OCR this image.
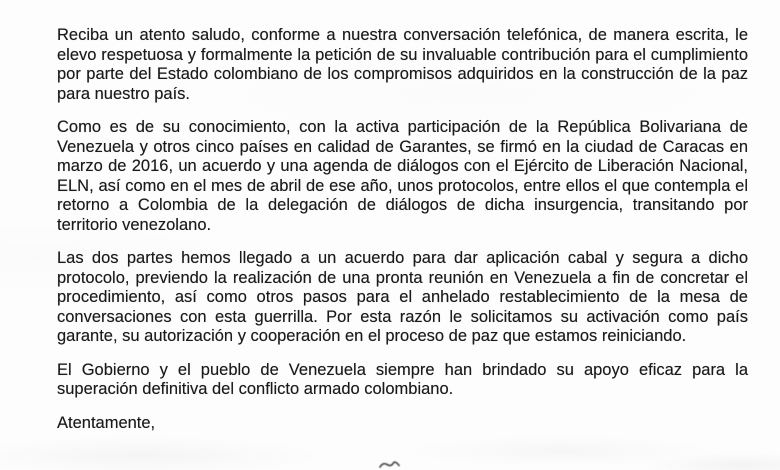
Reciba un atento saludo, conforme a nuestra conversación telefónica, de manera escrita, le elevo respetuosa y formalmente la petición de su invaluable contribución para el cumplimiento por parte del Estado colombiano de los compromisos adquiridos en la construcción de la paz para nuestro país.

Como es de su conocimiento, con la activa participación de la República Bolivariana de Venezuela y otros cinco países en calidad de Garantes, se firmó en la ciudad de Caracas en marzo de 2016, un acuerdo y una agenda de diálogos con el Ejército de Liberación Nacional, ELN, así como en el mes de abril de ese año, unos protocolos, entre ellos el que contempla el retorno a Colombia de la delegación de diálogos de dicha insurgencia, transitando por territorio venezolano.

Las dos partes hemos llegado a un acuerdo para dar aplicación cabal y segura a dicho protocolo, previendo la realización de una pronta reunión en Venezuela a fin de concretar el procedimiento, así como otros pasos para el anhelado restablecimiento de la mesa de conversaciones con esta guerrilla. Por esta razón le solicitamos su activación como país garante, su autorización y cooperación en el proceso de paz que estamos reiniciando.

El Gobierno y el pueblo de Venezuela siempre han brindado su apoyo eficaz para la superación definitiva del conflicto armado colombiano.

Atentamente,
